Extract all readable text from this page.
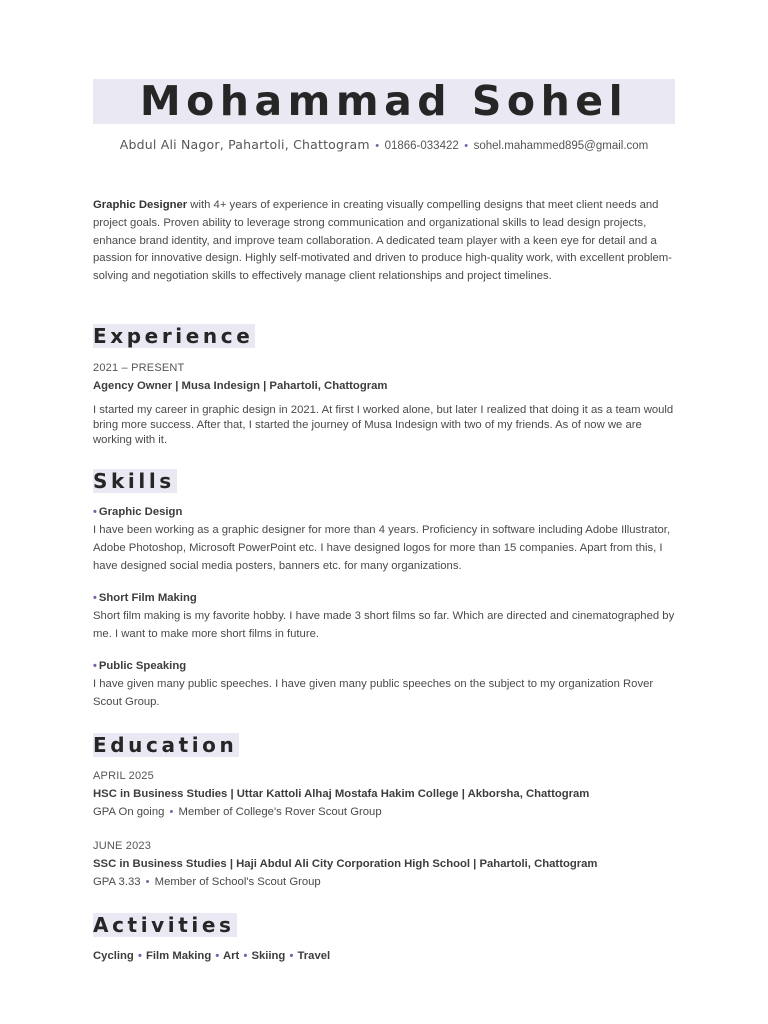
Mohammad Sohel
Abdul Ali Nagor, Pahartoli, Chattogram • 01866-033422 • sohel.mahammed895@gmail.com
Graphic Designer with 4+ years of experience in creating visually compelling designs that meet client needs and project goals. Proven ability to leverage strong communication and organizational skills to lead design projects, enhance brand identity, and improve team collaboration. A dedicated team player with a keen eye for detail and a passion for innovative design. Highly self-motivated and driven to produce high-quality work, with excellent problem-solving and negotiation skills to effectively manage client relationships and project timelines.
Experience
2021 – PRESENT
Agency Owner | Musa Indesign | Pahartoli, Chattogram
I started my career in graphic design in 2021. At first I worked alone, but later I realized that doing it as a team would bring more success. After that, I started the journey of Musa Indesign with two of my friends. As of now we are working with it.
Skills
• Graphic Design
I have been working as a graphic designer for more than 4 years. Proficiency in software including Adobe Illustrator, Adobe Photoshop, Microsoft PowerPoint etc. I have designed logos for more than 15 companies. Apart from this, I have designed social media posters, banners etc. for many organizations.
• Short Film Making
Short film making is my favorite hobby. I have made 3 short films so far. Which are directed and cinematographed by me. I want to make more short films in future.
• Public Speaking
I have given many public speeches. I have given many public speeches on the subject to my organization Rover Scout Group.
Education
APRIL 2025
HSC in Business Studies | Uttar Kattoli Alhaj Mostafa Hakim College | Akborsha, Chattogram
GPA On going • Member of College's Rover Scout Group
JUNE 2023
SSC in Business Studies | Haji Abdul Ali City Corporation High School | Pahartoli, Chattogram
GPA 3.33 • Member of School's Scout Group
Activities
Cycling • Film Making • Art • Skiing • Travel
